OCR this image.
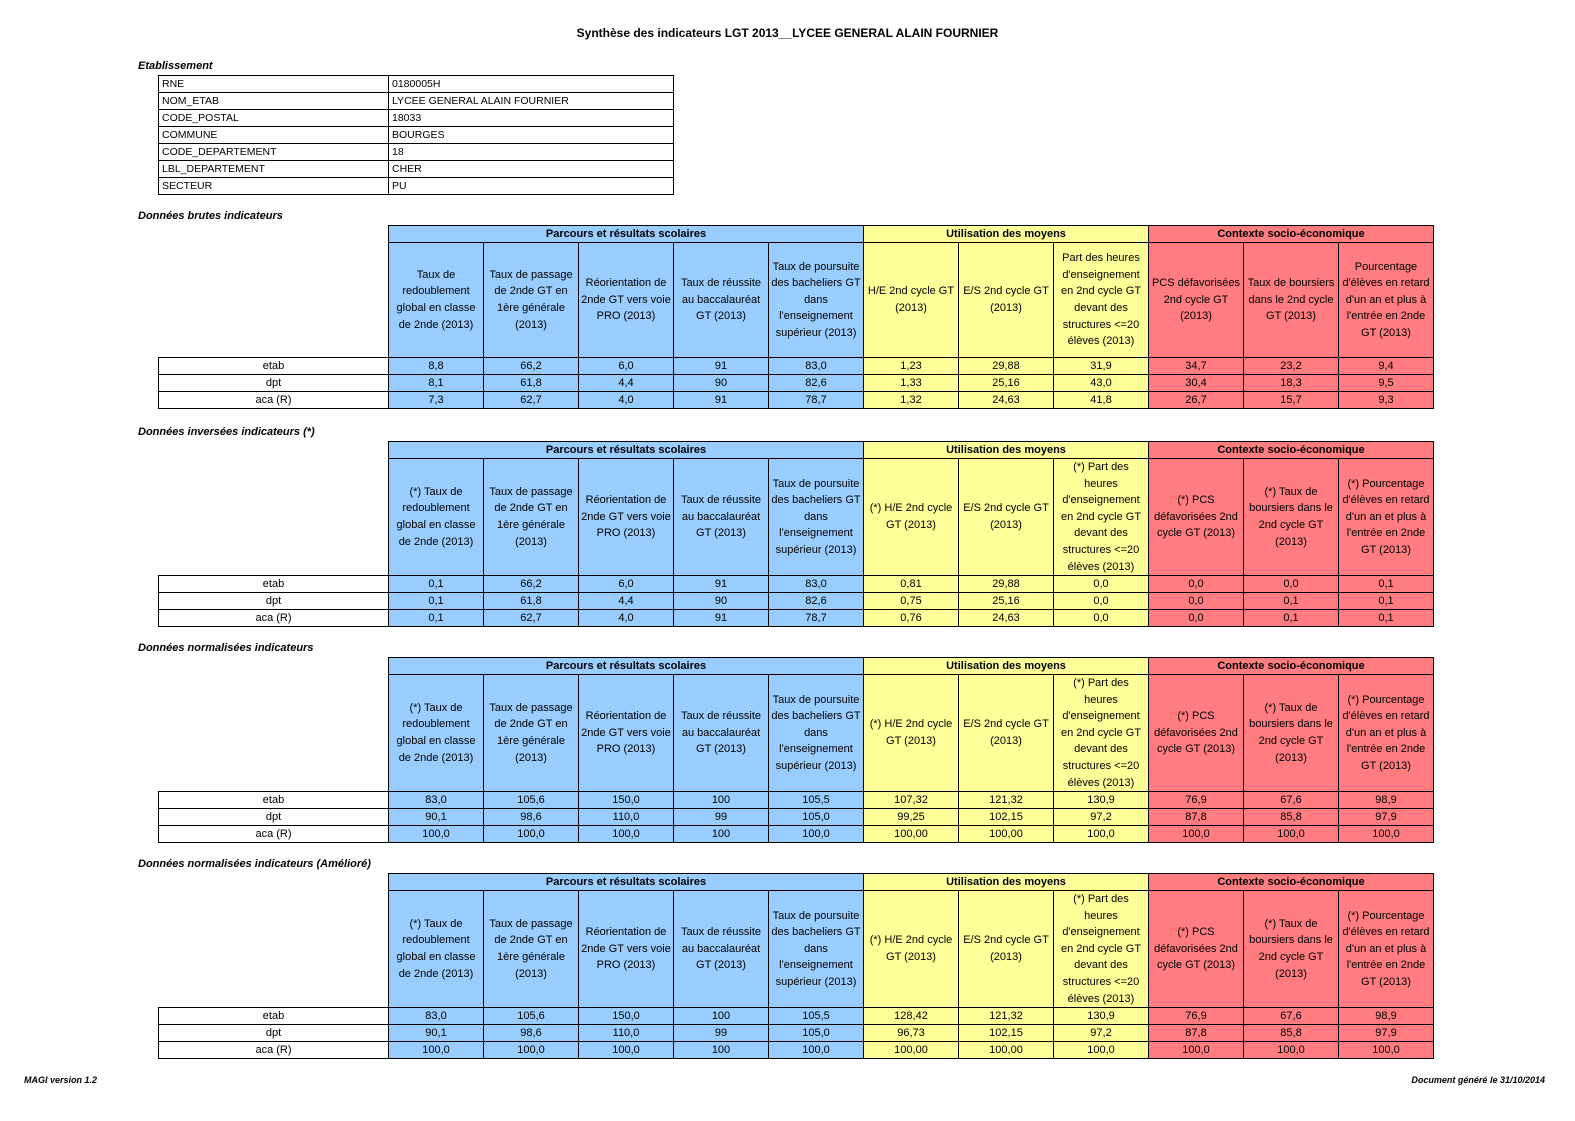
Synthèse des indicateurs LGT 2013__LYCEE GENERAL ALAIN FOURNIER
Etablissement
RNE	0180005H
NOM_ETAB	LYCEE GENERAL ALAIN FOURNIER
CODE_POSTAL	18033
COMMUNE	BOURGES
CODE_DEPARTEMENT	18
LBL_DEPARTEMENT	CHER
SECTEUR	PU
Données brutes indicateurs
	Parcours et résultats scolaires					Utilisation des moyens			Contexte socio-économique		
	Taux de redoublement global en classe de 2nde (2013)	Taux de passage de 2nde GT en 1ère générale (2013)	Réorientation de 2nde GT vers voie PRO (2013)	Taux de réussite au baccalauréat GT (2013)	Taux de poursuite des bacheliers GT dans l'enseignement supérieur (2013)	H/E 2nd cycle GT (2013)	E/S 2nd cycle GT (2013)	Part des heures d'enseignement en 2nd cycle GT devant des structures <=20 élèves (2013)	PCS défavorisées 2nd cycle GT (2013)	Taux de boursiers dans le 2nd cycle GT (2013)	Pourcentage d'élèves en retard d'un an et plus à l'entrée en 2nde GT (2013)
etab	8,8	66,2	6,0	91	83,0	1,23	29,88	31,9	34,7	23,2	9,4
dpt	8,1	61,8	4,4	90	82,6	1,33	25,16	43,0	30,4	18,3	9,5
aca (R)	7,3	62,7	4,0	91	78,7	1,32	24,63	41,8	26,7	15,7	9,3
Données inversées indicateurs (*)
	Parcours et résultats scolaires					Utilisation des moyens			Contexte socio-économique		
	(*) Taux de redoublement global en classe de 2nde (2013)	Taux de passage de 2nde GT en 1ère générale (2013)	Réorientation de 2nde GT vers voie PRO (2013)	Taux de réussite au baccalauréat GT (2013)	Taux de poursuite des bacheliers GT dans l'enseignement supérieur (2013)	(*) H/E 2nd cycle GT (2013)	E/S 2nd cycle GT (2013)	(*) Part des heures d'enseignement en 2nd cycle GT devant des structures <=20 élèves (2013)	(*) PCS défavorisées 2nd cycle GT (2013)	(*) Taux de boursiers dans le 2nd cycle GT (2013)	(*) Pourcentage d'élèves en retard d'un an et plus à l'entrée en 2nde GT (2013)
etab	0,1	66,2	6,0	91	83,0	0,81	29,88	0,0	0,0	0,0	0,1
dpt	0,1	61,8	4,4	90	82,6	0,75	25,16	0,0	0,0	0,1	0,1
aca (R)	0,1	62,7	4,0	91	78,7	0,76	24,63	0,0	0,0	0,1	0,1
Données normalisées indicateurs
	Parcours et résultats scolaires					Utilisation des moyens			Contexte socio-économique		
	(*) Taux de redoublement global en classe de 2nde (2013)	Taux de passage de 2nde GT en 1ère générale (2013)	Réorientation de 2nde GT vers voie PRO (2013)	Taux de réussite au baccalauréat GT (2013)	Taux de poursuite des bacheliers GT dans l'enseignement supérieur (2013)	(*) H/E 2nd cycle GT (2013)	E/S 2nd cycle GT (2013)	(*) Part des heures d'enseignement en 2nd cycle GT devant des structures <=20 élèves (2013)	(*) PCS défavorisées 2nd cycle GT (2013)	(*) Taux de boursiers dans le 2nd cycle GT (2013)	(*) Pourcentage d'élèves en retard d'un an et plus à l'entrée en 2nde GT (2013)
etab	83,0	105,6	150,0	100	105,5	107,32	121,32	130,9	76,9	67,6	98,9
dpt	90,1	98,6	110,0	99	105,0	99,25	102,15	97,2	87,8	85,8	97,9
aca (R)	100,0	100,0	100,0	100	100,0	100,00	100,00	100,0	100,0	100,0	100,0
Données normalisées indicateurs (Amélioré)
	Parcours et résultats scolaires					Utilisation des moyens			Contexte socio-économique		
	(*) Taux de redoublement global en classe de 2nde (2013)	Taux de passage de 2nde GT en 1ère générale (2013)	Réorientation de 2nde GT vers voie PRO (2013)	Taux de réussite au baccalauréat GT (2013)	Taux de poursuite des bacheliers GT dans l'enseignement supérieur (2013)	(*) H/E 2nd cycle GT (2013)	E/S 2nd cycle GT (2013)	(*) Part des heures d'enseignement en 2nd cycle GT devant des structures <=20 élèves (2013)	(*) PCS défavorisées 2nd cycle GT (2013)	(*) Taux de boursiers dans le 2nd cycle GT (2013)	(*) Pourcentage d'élèves en retard d'un an et plus à l'entrée en 2nde GT (2013)
etab	83,0	105,6	150,0	100	105,5	128,42	121,32	130,9	76,9	67,6	98,9
dpt	90,1	98,6	110,0	99	105,0	96,73	102,15	97,2	87,8	85,8	97,9
aca (R)	100,0	100,0	100,0	100	100,0	100,00	100,00	100,0	100,0	100,0	100,0
MAGI version 1.2	Document généré le 31/10/2014
